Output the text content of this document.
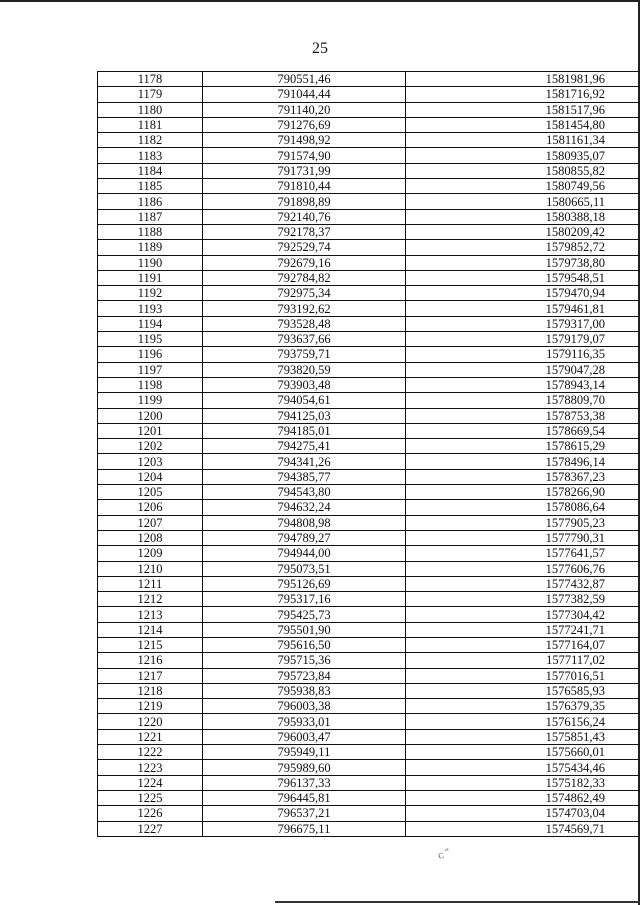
25
1178	790551,46	1581981,96
1179	791044,44	1581716,92
1180	791140,20	1581517,96
1181	791276,69	1581454,80
1182	791498,92	1581161,34
1183	791574,90	1580935,07
1184	791731,99	1580855,82
1185	791810,44	1580749,56
1186	791898,89	1580665,11
1187	792140,76	1580388,18
1188	792178,37	1580209,42
1189	792529,74	1579852,72
1190	792679,16	1579738,80
1191	792784,82	1579548,51
1192	792975,34	1579470,94
1193	793192,62	1579461,81
1194	793528,48	1579317,00
1195	793637,66	1579179,07
1196	793759,71	1579116,35
1197	793820,59	1579047,28
1198	793903,48	1578943,14
1199	794054,61	1578809,70
1200	794125,03	1578753,38
1201	794185,01	1578669,54
1202	794275,41	1578615,29
1203	794341,26	1578496,14
1204	794385,77	1578367,23
1205	794543,80	1578266,90
1206	794632,24	1578086,64
1207	794808,98	1577905,23
1208	794789,27	1577790,31
1209	794944,00	1577641,57
1210	795073,51	1577606,76
1211	795126,69	1577432,87
1212	795317,16	1577382,59
1213	795425,73	1577304,42
1214	795501,90	1577241,71
1215	795616,50	1577164,07
1216	795715,36	1577117,02
1217	795723,84	1577016,51
1218	795938,83	1576585,93
1219	796003,38	1576379,35
1220	795933,01	1576156,24
1221	796003,47	1575851,43
1222	795949,11	1575660,01
1223	795989,60	1575434,46
1224	796137,33	1575182,33
1225	796445,81	1574862,49
1226	796537,21	1574703,04
1227	796675,11	1574569,71
ᴄ ″
